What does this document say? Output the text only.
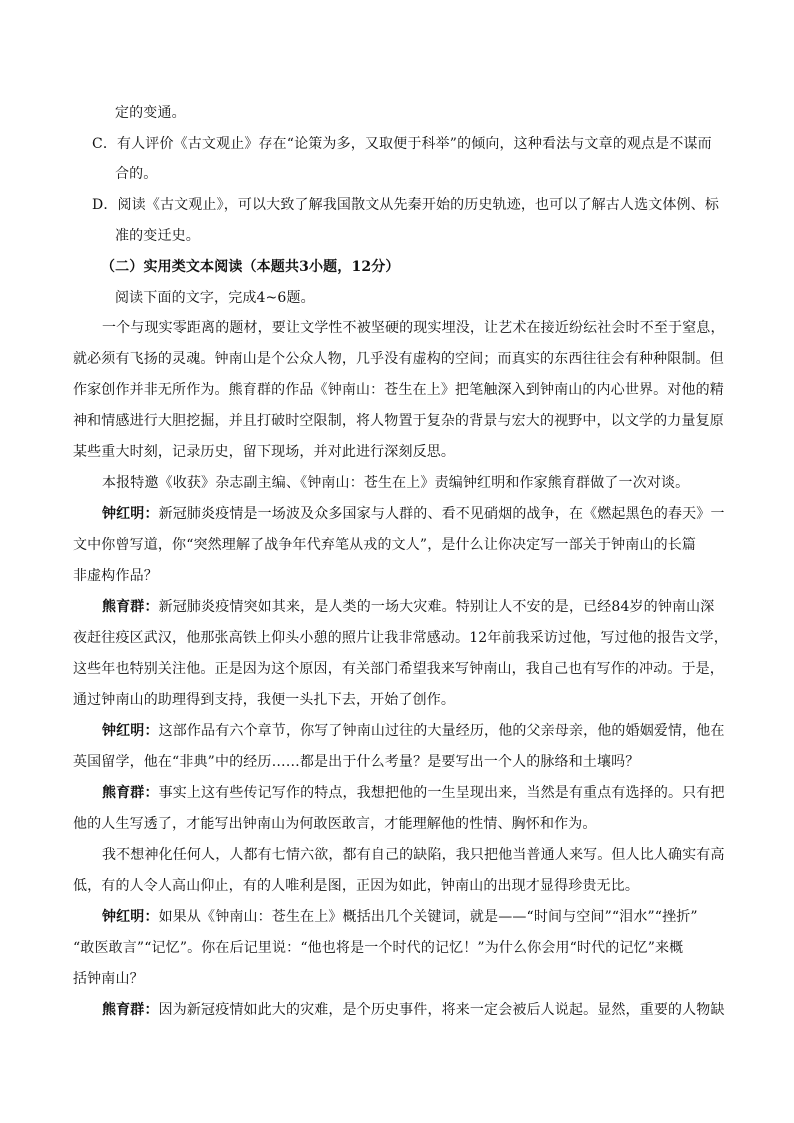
定的变通。
C．有人评价《古文观止》存在“论策为多，又取便于科举”的倾向，这种看法与文章的观点是不谋而
合的。
D．阅读《古文观止》，可以大致了解我国散文从先秦开始的历史轨迹，也可以了解古人选文体例、标
准的变迁史。
（二）实用类文本阅读（本题共3小题，12分）
阅读下面的文字，完成4~6题。
一个与现实零距离的题材，要让文学性不被坚硬的现实埋没，让艺术在接近纷纭社会时不至于窒息，
就必须有飞扬的灵魂。钟南山是个公众人物，几乎没有虚构的空间；而真实的东西往往会有种种限制。但
作家创作并非无所作为。熊育群的作品《钟南山：苍生在上》把笔触深入到钟南山的内心世界。对他的精
神和情感进行大胆挖掘，并且打破时空限制，将人物置于复杂的背景与宏大的视野中，以文学的力量复原
某些重大时刻，记录历史，留下现场，并对此进行深刻反思。
本报特邀《收获》杂志副主编、《钟南山：苍生在上》责编钟红明和作家熊育群做了一次对谈。
钟红明：新冠肺炎疫情是一场波及众多国家与人群的、看不见硝烟的战争，在《燃起黑色的春天》一
文中你曾写道，你“突然理解了战争年代弃笔从戎的文人”，是什么让你决定写一部关于钟南山的长篇
非虚构作品？
熊育群：新冠肺炎疫情突如其来，是人类的一场大灾难。特别让人不安的是，已经84岁的钟南山深
夜赶往疫区武汉，他那张高铁上仰头小憩的照片让我非常感动。12年前我采访过他，写过他的报告文学，
这些年也特别关注他。正是因为这个原因，有关部门希望我来写钟南山，我自己也有写作的冲动。于是，
通过钟南山的助理得到支持，我便一头扎下去，开始了创作。
钟红明：这部作品有六个章节，你写了钟南山过往的大量经历，他的父亲母亲，他的婚姻爱情，他在
英国留学，他在“非典”中的经历……都是出于什么考量？是要写出一个人的脉络和土壤吗？
熊育群：事实上这有些传记写作的特点，我想把他的一生呈现出来，当然是有重点有选择的。只有把
他的人生写透了，才能写出钟南山为何敢医敢言，才能理解他的性情、胸怀和作为。
我不想神化任何人，人都有七情六欲，都有自己的缺陷，我只把他当普通人来写。但人比人确实有高
低，有的人令人高山仰止，有的人唯利是图，正因为如此，钟南山的出现才显得珍贵无比。
钟红明：如果从《钟南山：苍生在上》概括出几个关键词，就是——“时间与空间”“泪水”“挫折”
“敢医敢言”“记忆”。你在后记里说：“他也将是一个时代的记忆！”为什么你会用“时代的记忆”来概
括钟南山？
熊育群：因为新冠疫情如此大的灾难，是个历史事件，将来一定会被后人说起。显然，重要的人物缺
